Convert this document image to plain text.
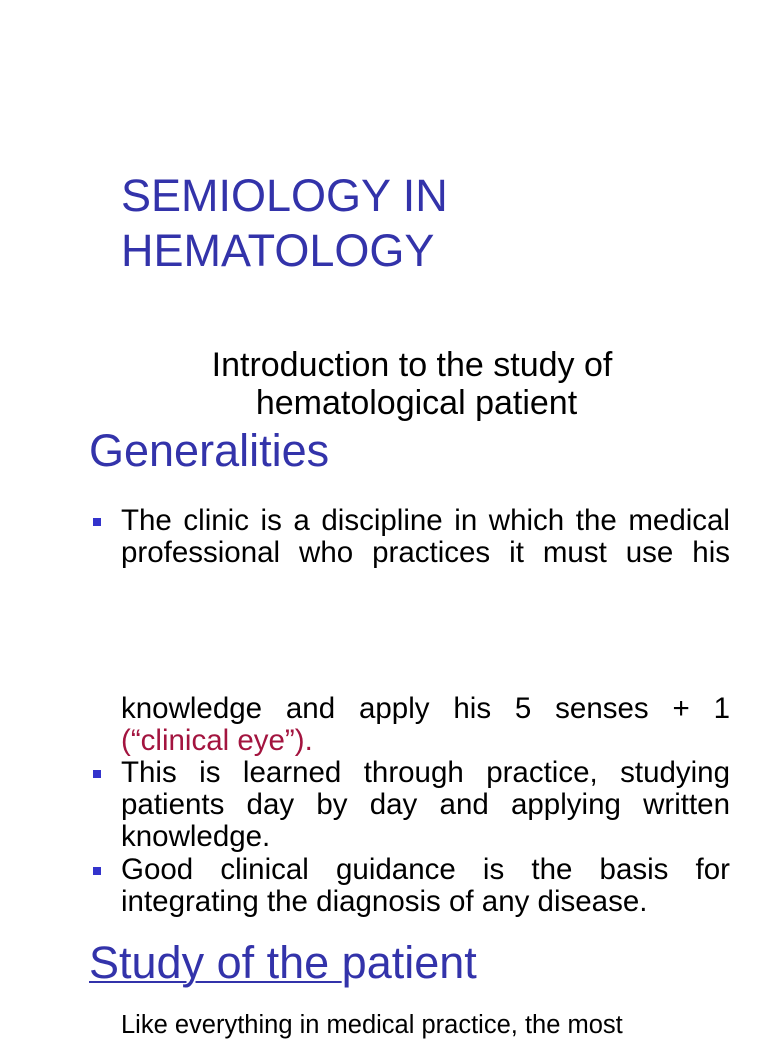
SEMIOLOGY IN
HEMATOLOGY
Introduction to the study of
hematological patient
Generalities
The clinic is a discipline in which the medical
professional who practices it must use his
knowledge and apply his 5 senses + 1
(“clinical eye”).
This is learned through practice, studying
patients day by day and applying written
knowledge.
Good clinical guidance is the basis for
integrating the diagnosis of any disease.
Study of the patient
Like everything in medical practice, the most
